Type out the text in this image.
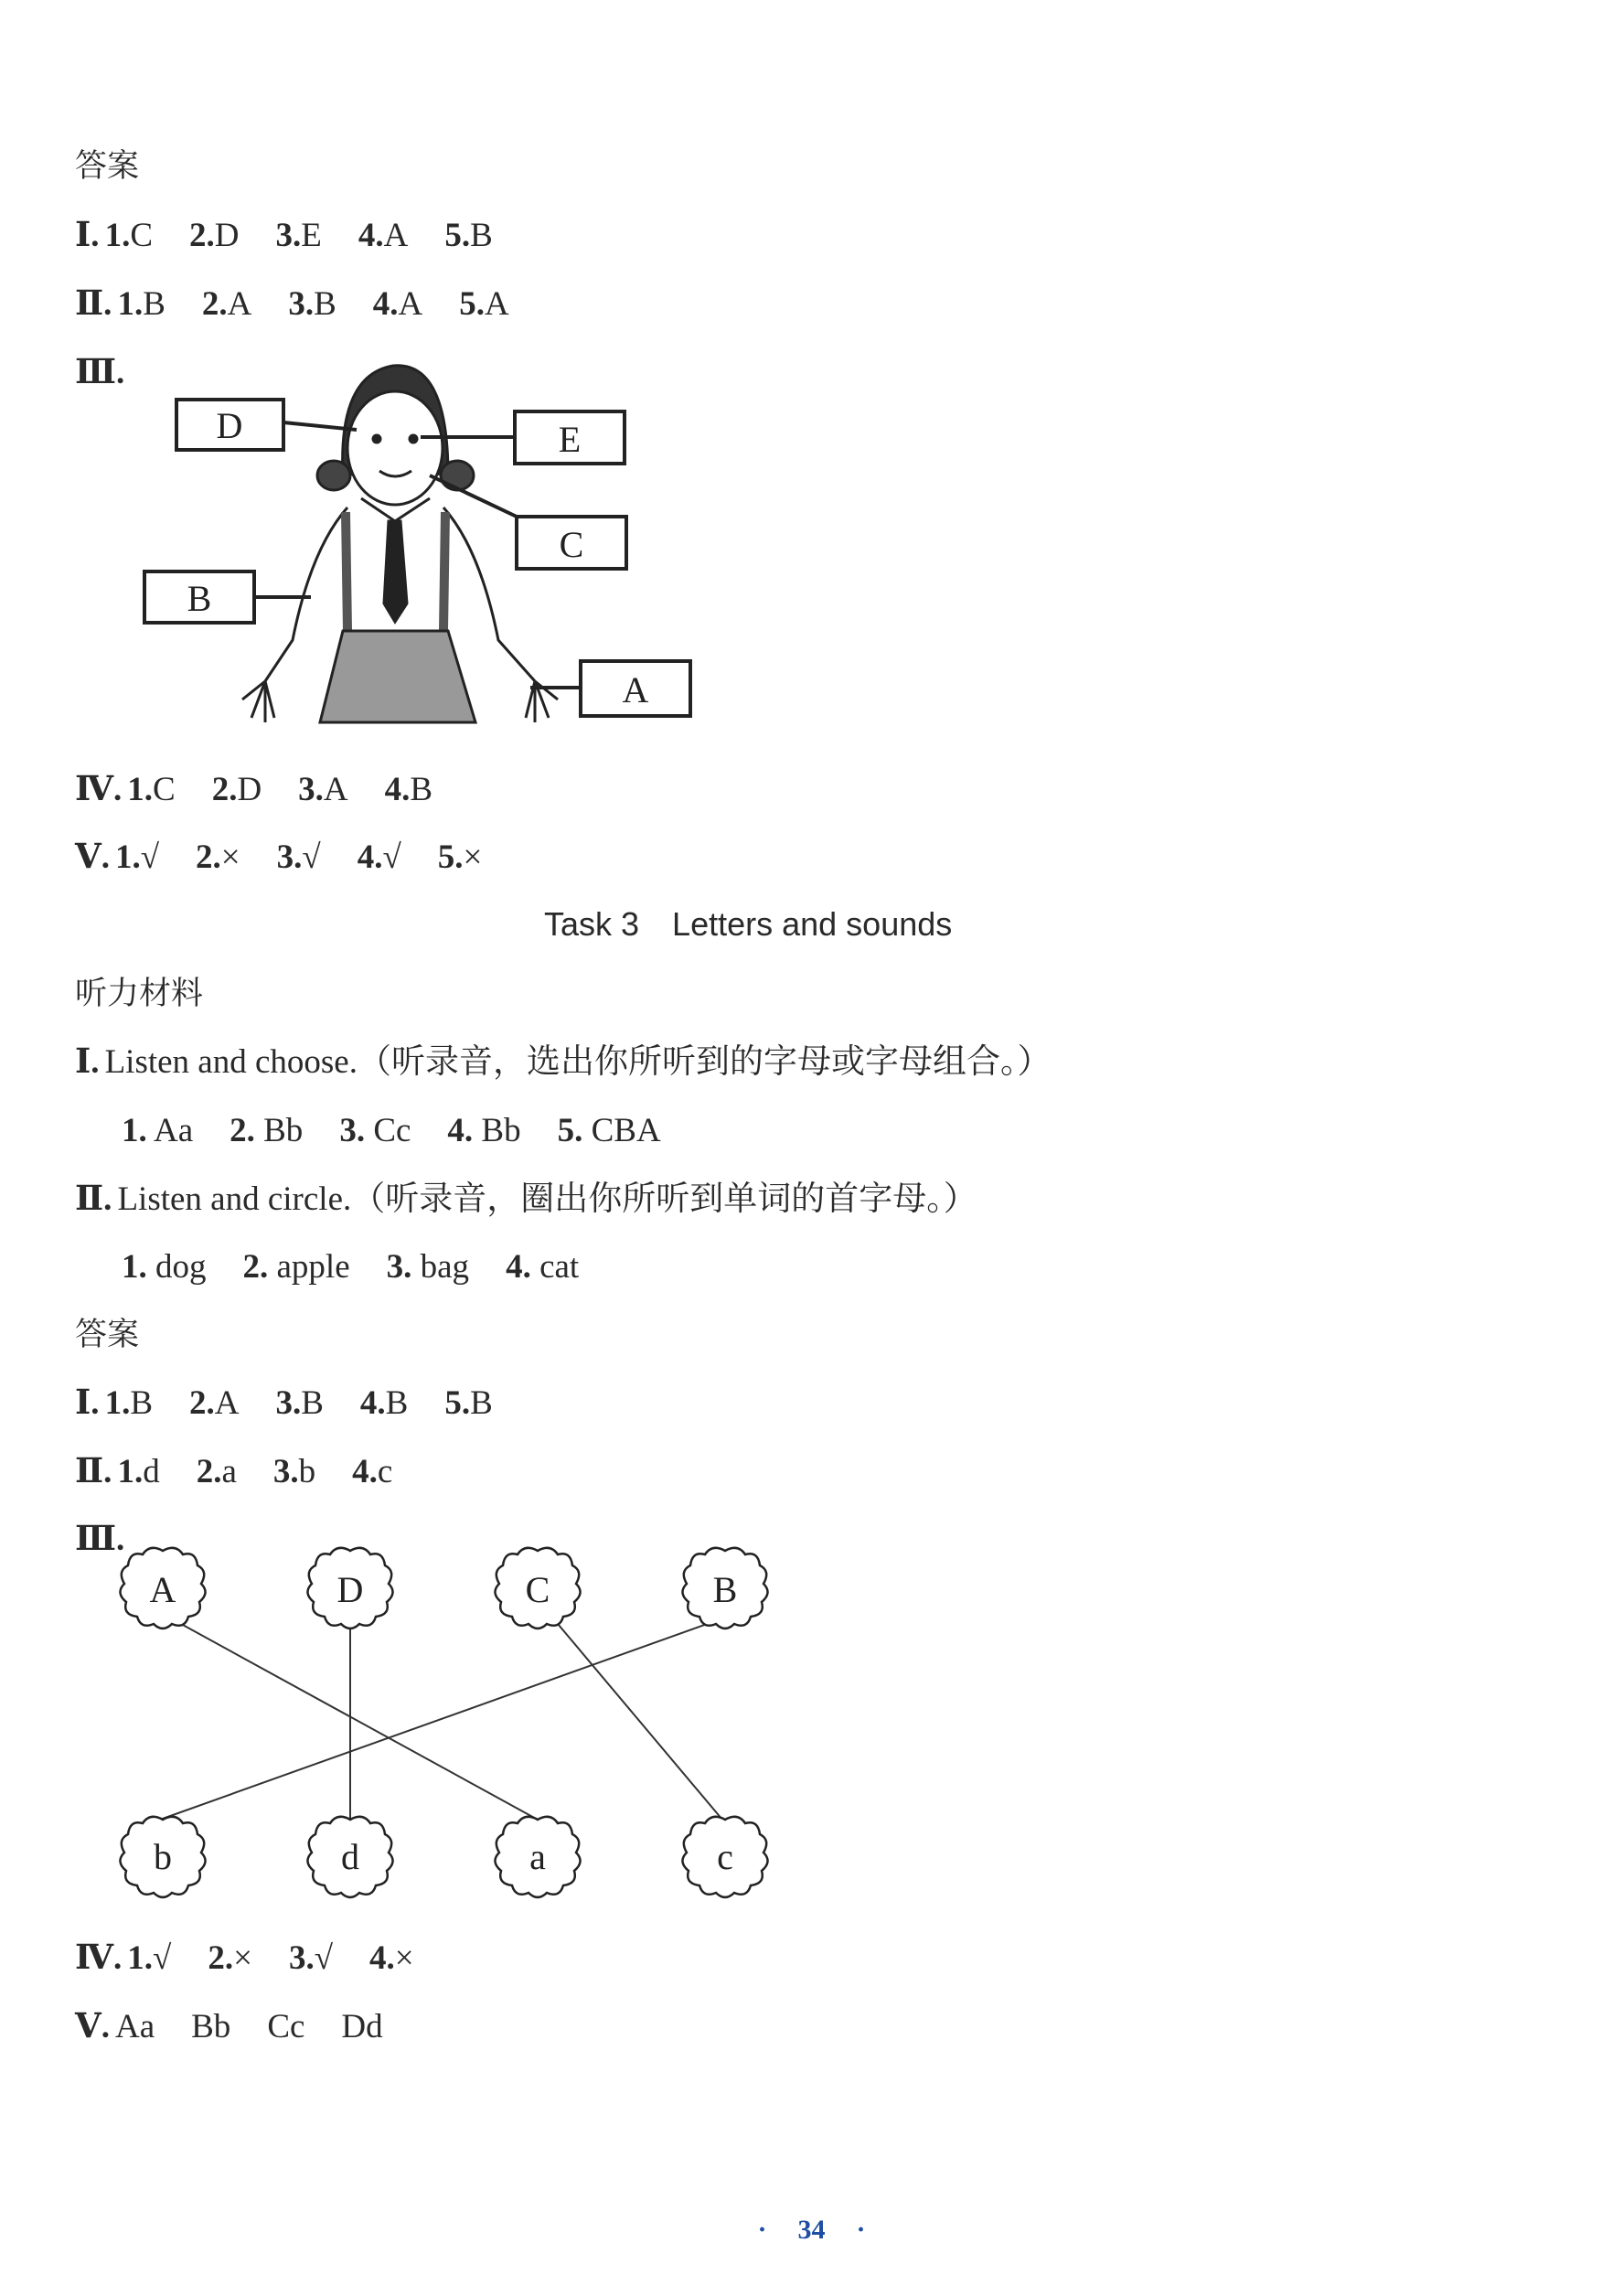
答案
Ⅰ. 1.C 2.D 3.E 4.A 5.B
Ⅱ. 1.B 2.A 3.B 4.A 5.A
Ⅲ.
D	E
C
B
A
Ⅳ. 1.C 2.D 3.A 4.B
Ⅴ. 1.√ 2.× 3.√ 4.√ 5.×
Task 3 Letters and sounds
听力材料
Ⅰ. Listen and choose.（听录音，选出你所听到的字母或字母组合。）
1. Aa 2. Bb 3. Cc 4. Bb 5. CBA
Ⅱ. Listen and circle.（听录音，圈出你所听到单词的首字母。）
1. dog 2. apple 3. bag 4. cat
答案
Ⅰ. 1.B 2.A 3.B 4.B 5.B
Ⅱ. 1.d 2.a 3.b 4.c
Ⅲ.
A	D	C	B
b	d	a	c
Ⅳ. 1.√ 2.× 3.√ 4.×
Ⅴ. Aa Bb Cc Dd
· 34 ·
